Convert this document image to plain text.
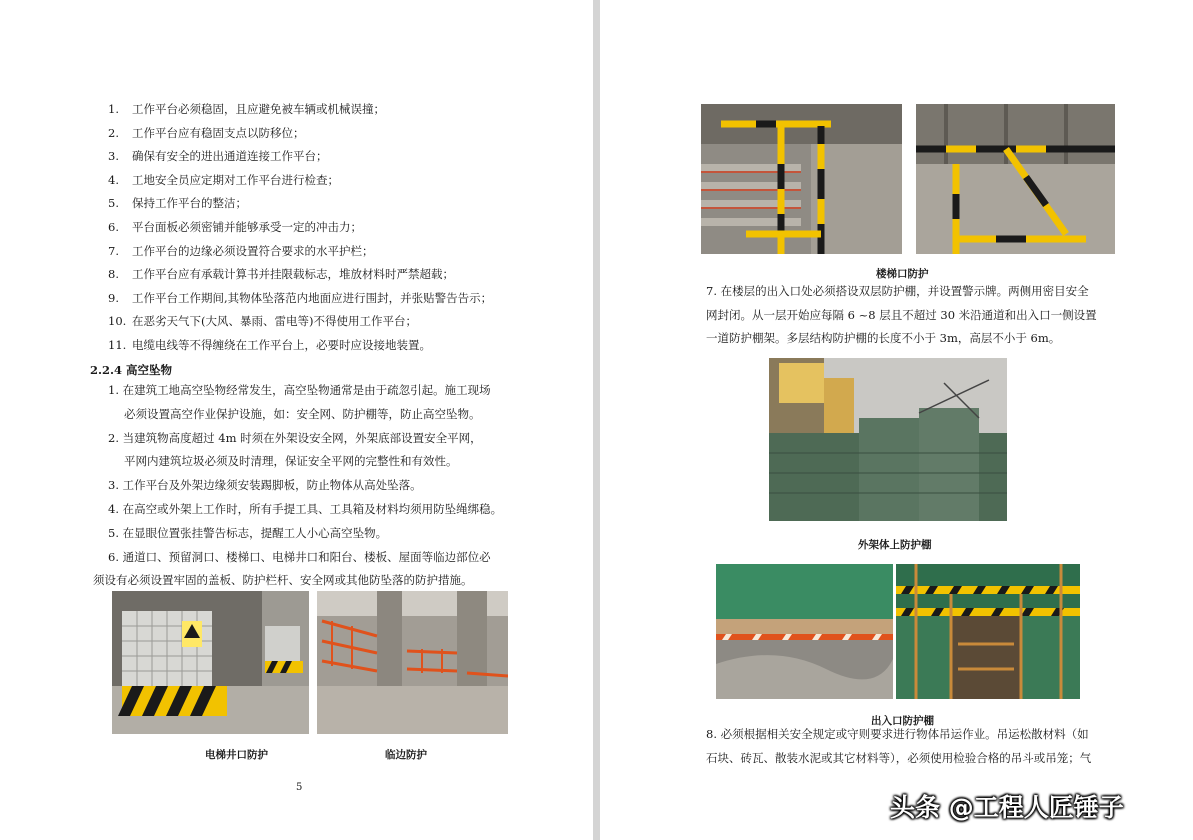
1. 工作平台必须稳固，且应避免被车辆或机械误撞；
2. 工作平台应有稳固支点以防移位；
3. 确保有安全的进出通道连接工作平台；
4. 工地安全员应定期对工作平台进行检查；
5. 保持工作平台的整洁；
6. 平台面板必须密铺并能够承受一定的冲击力；
7. 工作平台的边缘必须设置符合要求的水平护栏；
8. 工作平台应有承载计算书并挂限载标志，堆放材料时严禁超载；
9. 工作平台工作期间,其物体坠落范内地面应进行围封，并张贴警告告示；
10. 在恶劣天气下(大风、暴雨、雷电等)不得使用工作平台；
11. 电缆电线等不得缠绕在工作平台上，必要时应设接地装置。
2.2.4 高空坠物
1. 在建筑工地高空坠物经常发生，高空坠物通常是由于疏忽引起。施工现场
必须设置高空作业保护设施，如：安全网、防护棚等，防止高空坠物。
2. 当建筑物高度超过 4m 时须在外架设安全网，外架底部设置安全平网，
平网内建筑垃圾必须及时清理，保证安全平网的完整性和有效性。
3. 工作平台及外架边缘须安装踢脚板，防止物体从高处坠落。
4. 在高空或外架上工作时，所有手提工具、工具箱及材料均须用防坠绳绑稳。
5. 在显眼位置张挂警告标志，提醒工人小心高空坠物。
6. 通道口、预留洞口、楼梯口、电梯井口和阳台、楼板、屋面等临边部位必
须设有必须设置牢固的盖板、防护栏杆、安全网或其他防坠落的防护措施。
电梯井口防护	临边防护
5
楼梯口防护
7. 在楼层的出入口处必须搭设双层防护棚，并设置警示牌。两侧用密目安全
网封闭。从一层开始应每隔 6 ~8 层且不超过 30 米沿通道和出入口一侧设置
一道防护棚架。多层结构防护棚的长度不小于 3m，高层不小于 6m。
外架体上防护棚
出入口防护棚
8. 必须根据相关安全规定或守则要求进行物体吊运作业。吊运松散材料（如
石块、砖瓦、散装水泥或其它材料等），必须使用检验合格的吊斗或吊笼；气
头条 @工程人匠锤子
